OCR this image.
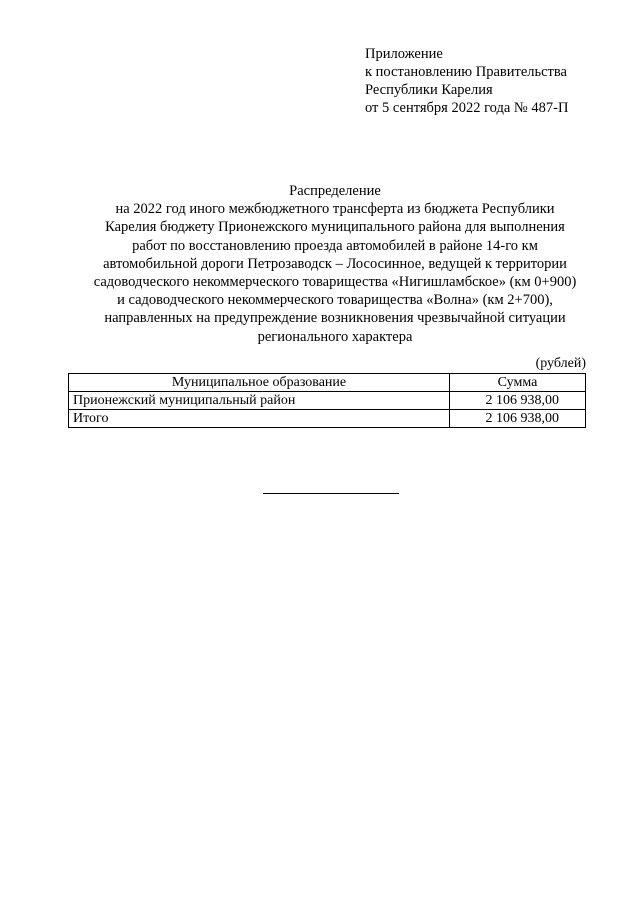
Приложение
к постановлению Правительства
Республики Карелия
от 5 сентября 2022 года № 487-П
Распределение
на 2022 год иного межбюджетного трансферта из бюджета Республики
Карелия бюджету Прионежского муниципального района для выполнения
работ по восстановлению проезда автомобилей в районе 14-го км
автомобильной дороги Петрозаводск – Лососинное, ведущей к территории
садоводческого некоммерческого товарищества «Нигишламбское» (км 0+900)
и садоводческого некоммерческого товарищества «Волна» (км 2+700),
направленных на предупреждение возникновения чрезвычайной ситуации
регионального характера
(рублей)
Муниципальное образование	Сумма
Прионежский муниципальный район	2 106 938,00
Итого	2 106 938,00
